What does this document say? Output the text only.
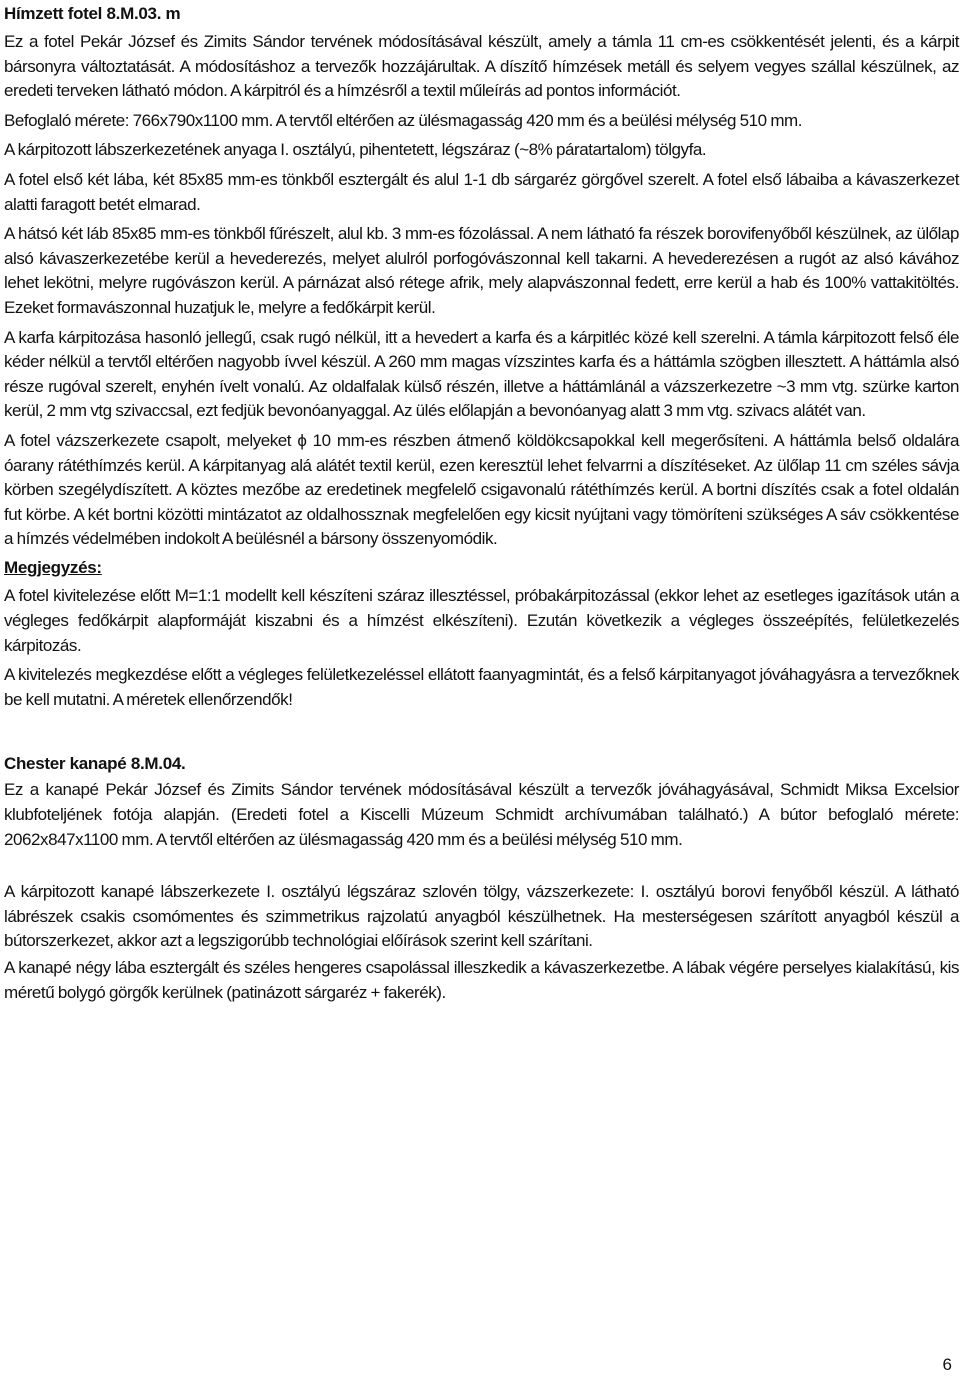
Hímzett fotel 8.M.03. m

Ez a fotel Pekár József és Zimits Sándor tervének módosításával készült, amely a támla 11 cm-es csökkentését jelenti, és a kárpit bársonyra változtatását. A módosításhoz a tervezők hozzájárultak. A díszítő hímzések metáll és selyem vegyes szállal készülnek, az eredeti terveken látható módon. A kárpitról és a hímzésről a textil műleírás ad pontos információt.

Befoglaló mérete: 766x790x1100 mm. A tervtől eltérően az ülésmagasság 420 mm és a beülési mélység 510 mm.

A kárpitozott lábszerkezetének anyaga I. osztályú, pihentetett, légszáraz (~8% páratartalom) tölgyfa.

A fotel első két lába, két 85x85 mm-es tönkből esztergált és alul 1-1 db sárgaréz görgővel szerelt. A fotel első lábaiba a kávaszerkezet alatti faragott betét elmarad.

A hátsó két láb 85x85 mm-es tönkből fűrészelt, alul kb. 3 mm-es fózolással. A nem látható fa részek borovifenyőből készülnek, az ülőlap alsó kávaszerkezetébe kerül a hevederezés, melyet alulról porfogóvászonnal kell takarni. A hevederezésen a rugót az alsó kávához lehet lekötni, melyre rugóvászon kerül. A párnázat alsó rétege afrik, mely alapvászonnal fedett, erre kerül a hab és 100% vattakitöltés. Ezeket formavászonnal huzatjuk le, melyre a fedőkárpit kerül.

A karfa kárpitozása hasonló jellegű, csak rugó nélkül, itt a hevedert a karfa és a kárpitléc közé kell szerelni. A támla kárpitozott felső éle kéder nélkül a tervtől eltérően nagyobb ívvel készül. A 260 mm magas vízszintes karfa és a háttámla szögben illesztett. A háttámla alsó része rugóval szerelt, enyhén ívelt vonalú. Az oldalfalak külső részén, illetve a háttámlánál a vázszerkezetre ~3 mm vtg. szürke karton kerül, 2 mm vtg szivaccsal, ezt fedjük bevonóanyaggal. Az ülés előlapján a bevonóanyag alatt 3 mm vtg. szivacs alátét van.

A fotel vázszerkezete csapolt, melyeket ϕ 10 mm-es részben átmenő köldökcsapokkal kell megerősíteni. A háttámla belső oldalára óarany rátéthímzés kerül. A kárpitanyag alá alátét textil kerül, ezen keresztül lehet felvarrni a díszítéseket. Az ülőlap 11 cm széles sávja körben szegélydíszített. A köztes mezőbe az eredetinek megfelelő csigavonalú rátéthímzés kerül. A bortni díszítés csak a fotel oldalán fut körbe. A két bortni közötti mintázatot az oldalhossznak megfelelően egy kicsit nyújtani vagy tömöríteni szükséges A sáv csökkentése a hímzés védelmében indokolt A beülésnél a bársony összenyomódik.

Megjegyzés:

A fotel kivitelezése előtt M=1:1 modellt kell készíteni száraz illesztéssel, próbakárpitozással (ekkor lehet az esetleges igazítások után a végleges fedőkárpit alapformáját kiszabni és a hímzést elkészíteni). Ezután következik a végleges összeépítés, felületkezelés kárpitozás.

A kivitelezés megkezdése előtt a végleges felületkezeléssel ellátott faanyagmintát, és a felső kárpitanyagot jóváhagyásra a tervezőknek be kell mutatni. A méretek ellenőrzendők!

Chester kanapé 8.M.04.

Ez a kanapé Pekár József és Zimits Sándor tervének módosításával készült a tervezők jóváhagyásával, Schmidt Miksa Excelsior klubfoteljének fotója alapján. (Eredeti fotel a Kiscelli Múzeum Schmidt archívumában található.) A bútor befoglaló mérete: 2062x847x1100 mm. A tervtől eltérően az ülésmagasság 420 mm és a beülési mélység 510 mm.

A kárpitozott kanapé lábszerkezete I. osztályú légszáraz szlovén tölgy, vázszerkezete: I. osztályú borovi fenyőből készül. A látható lábrészek csakis csomómentes és szimmetrikus rajzolatú anyagból készülhetnek. Ha mesterségesen szárított anyagból készül a bútorszerkezet, akkor azt a legszigorúbb technológiai előírások szerint kell szárítani.

A kanapé négy lába esztergált és széles hengeres csapolással illeszkedik a kávaszerkezetbe. A lábak végére perselyes kialakítású, kis méretű bolygó görgők kerülnek (patinázott sárgaréz + fakerék).

6
